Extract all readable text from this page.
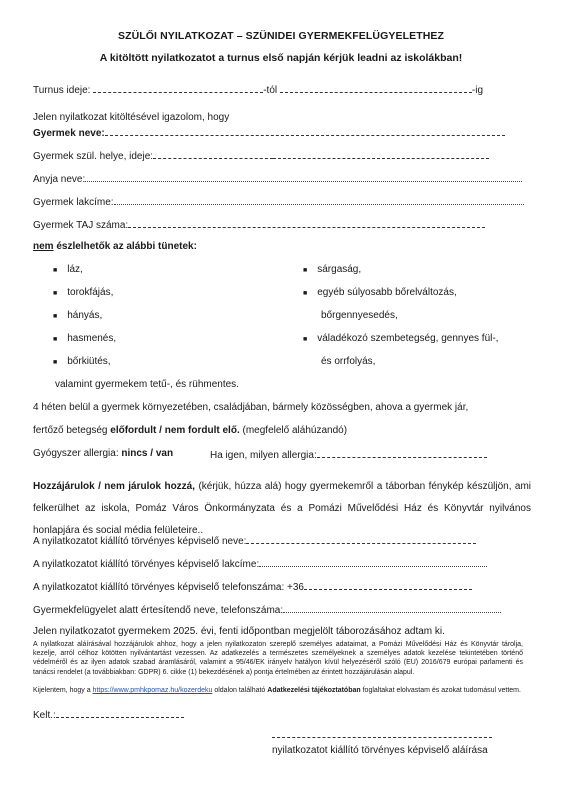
SZÜLŐI NYILATKOZAT – SZÜNIDEI GYERMEKFELÜGYELETHEZ
A kitöltött nyilatkozatot a turnus első napján kérjük leadni az iskolákban!
Turnus ideje:	-tól	-ig
Jelen nyilatkozat kitöltésével igazolom, hogy
Gyermek neve:
Gyermek szül. helye, ideje:
Anyja neve:
Gyermek lakcíme:
Gyermek TAJ száma:
nem észlelhetők az alábbi tünetek:
■ láz,
■ torokfájás,
■ hányás,
■ hasmenés,
■ bőrkiütés,
■ sárgaság,
■ egyéb súlyosabb bőrelváltozás,
bőrgennyesedés,
■ váladékozó szembetegség, gennyes fül-,
és orrfolyás,
valamint gyermekem tetű-, és rühmentes.
4 héten belül a gyermek környezetében, családjában, bármely közösségben, ahova a gyermek jár,
fertőző betegség előfordult / nem fordult elő. (megfelelő aláhúzandó)
Gyógyszer allergia: nincs / van	Ha igen, milyen allergia:
Hozzájárulok / nem járulok hozzá, (kérjük, húzza alá) hogy gyermekemről a táborban fénykép készüljön, ami felkerülhet az iskola, Pomáz Város Önkormányzata és a Pomázi Művelődési Ház és Könyvtár nyilvános honlapjára és social média felületeire..
A nyilatkozatot kiállító törvényes képviselő neve:
A nyilatkozatot kiállító törvényes képviselő lakcíme:
A nyilatkozatot kiállító törvényes képviselő telefonszáma: +36
Gyermekfelügyelet alatt értesítendő neve, telefonszáma:
Jelen nyilatkozatot gyermekem 2025. évi, fenti időpontban megjelölt táborozásához adtam ki.
A nyilatkozat aláírásával hozzájárulok ahhoz, hogy a jelen nyilatkozaton szereplő személyes adataimat, a Pomázi Művelődési Ház és Könyvtár tárolja, kezelje, arról célhoz kötötten nyilvántartást vezessen. Az adatkezelés a természetes személyeknek a személyes adatok kezelése tekintetében történő védelméről és az ilyen adatok szabad áramlásáról, valamint a 95/46/EK irányelv hatályon kívül helyezéséről szóló (EU) 2016/679 európai parlamenti és tanácsi rendelet (a továbbiakban: GDPR) 6. cikke (1) bekezdésének a) pontja értelmében az érintett hozzájárulásán alapul.
Kijelentem, hogy a https://www.pmhkpomaz.hu/kozerdeku oldalon található Adatkezelési tájékoztatóban foglaltakat elolvastam és azokat tudomásul vettem.
Kelt.:
nyilatkozatot kiállító törvényes képviselő aláírása
